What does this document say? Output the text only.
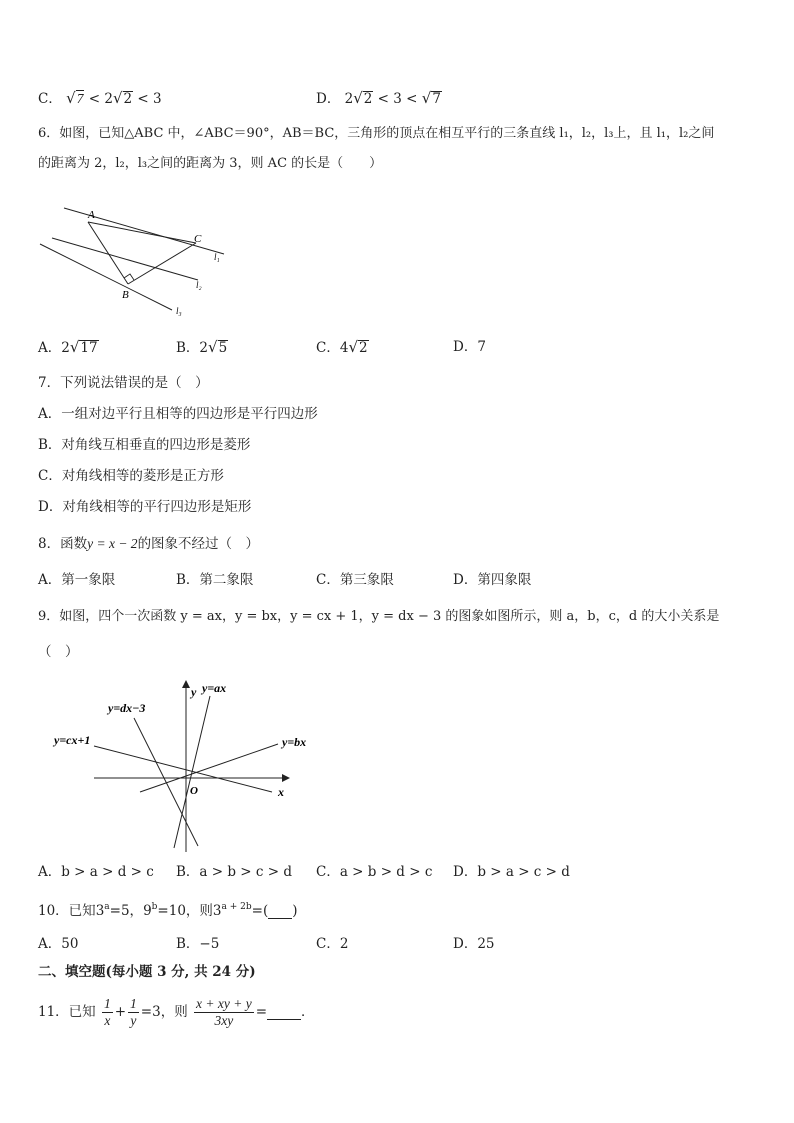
C． √7 < 2√2 < 3	D． 2√2 < 3 < √7
6．如图，已知△ABC 中，∠ABC＝90°，AB＝BC，三角形的顶点在相互平行的三条直线 l₁，l₂，l₃上，且 l₁，l₂之间
的距离为 2，l₂，l₃之间的距离为 3，则 AC 的长是（　　）
A
C
B
l₁
l₂
l₃
A．2√17	B．2√5	C．4√2	D．7
7．下列说法错误的是（　）
A．一组对边平行且相等的四边形是平行四边形
B．对角线互相垂直的四边形是菱形
C．对角线相等的菱形是正方形
D．对角线相等的平行四边形是矩形
8．函数y = x − 2的图象不经过（　）
A．第一象限	B．第二象限	C．第三象限	D．第四象限
9．如图，四个一次函数 y = ax，y = bx，y = cx + 1，y = dx − 3 的图象如图所示，则 a，b，c，d 的大小关系是
（　）
y
x
O
y=ax
y=bx
y=cx+1
y=dx−3
A．b > a > d > c B．a > b > c > d C．a > b > d > c D．b > a > c > d
10．已知$3^a=5$，$9^b=10$，则$3^{a + 2b}=$( )
A．50	B．−5	C．2	D．25
二、填空题(每小题 3 分, 共 24 分)
11．已知 $\frac{1}{x} + \frac{1}{y} =3$，则 $\frac{x + xy + y}{3xy}$ =	．
